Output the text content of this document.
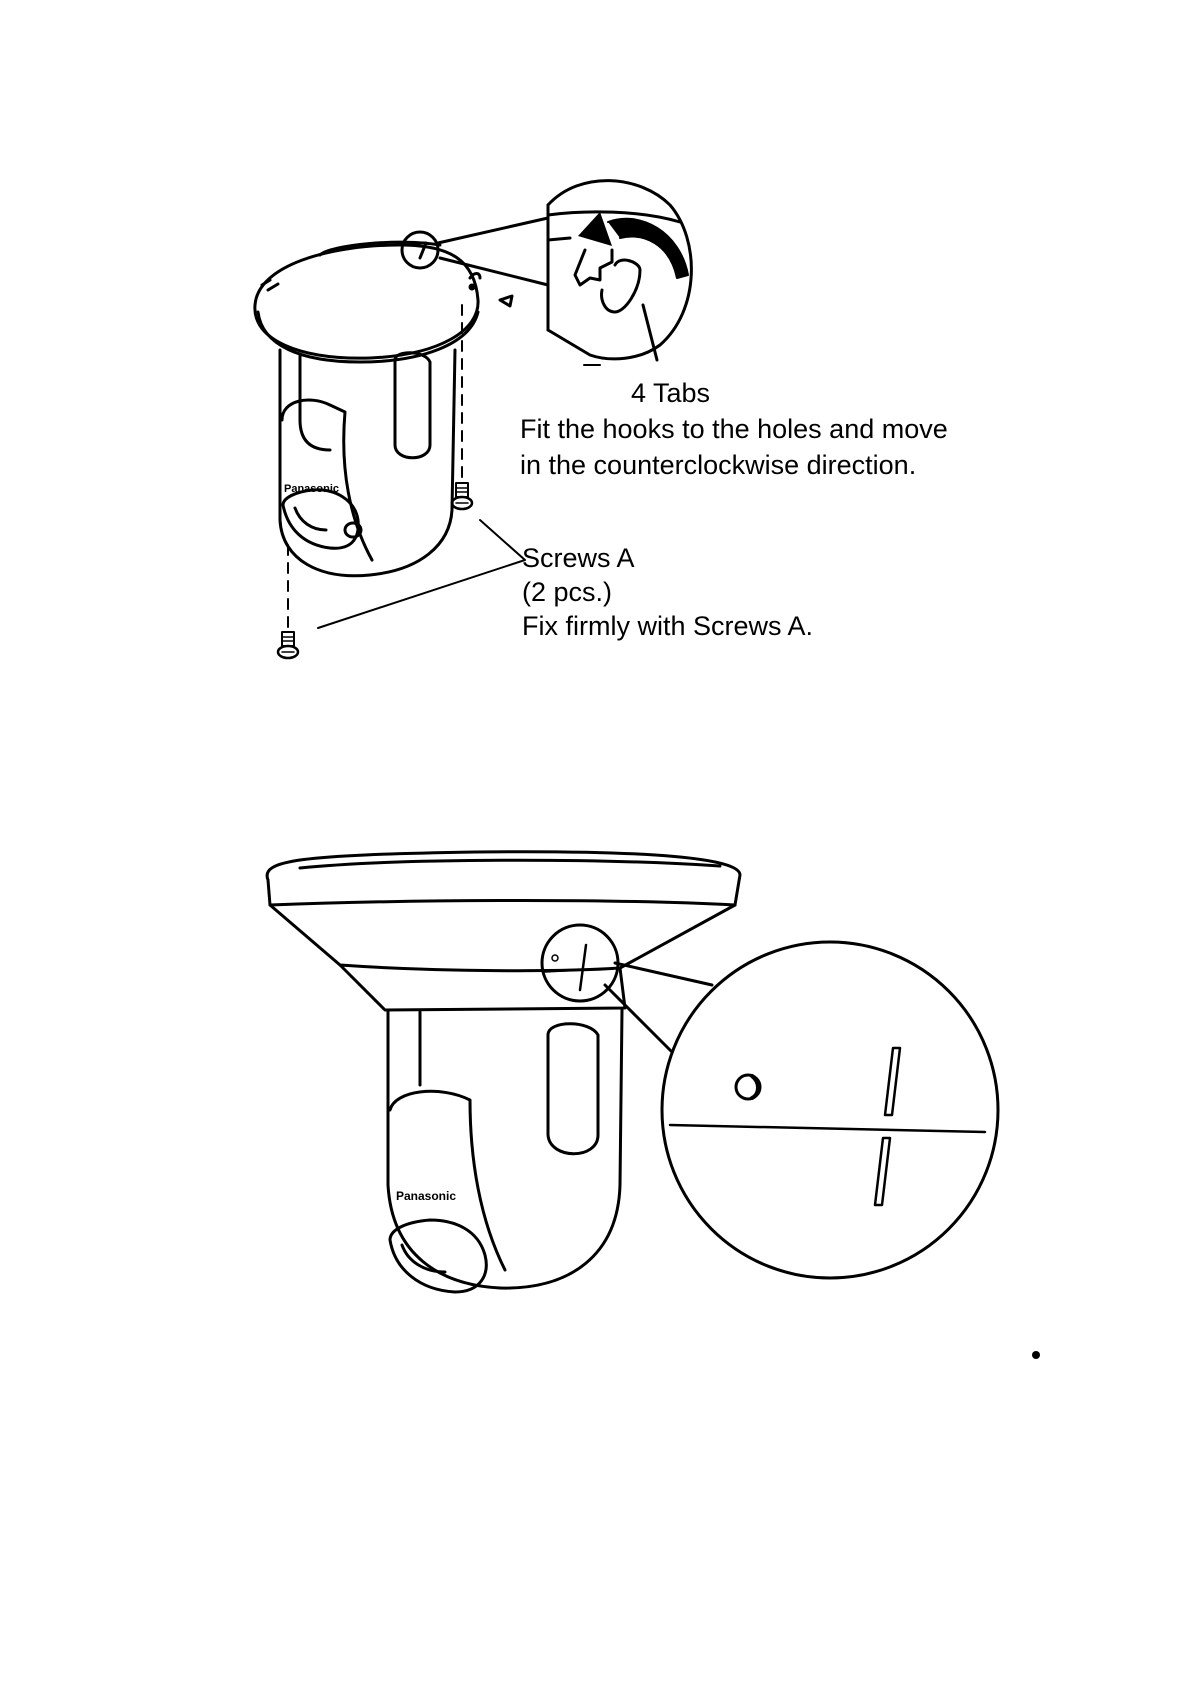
Panasonic
Panasonic
4 Tabs
Fit the hooks to the holes and move
in the counterclockwise direction.
Screws A
(2 pcs.)
Fix firmly with Screws A.
